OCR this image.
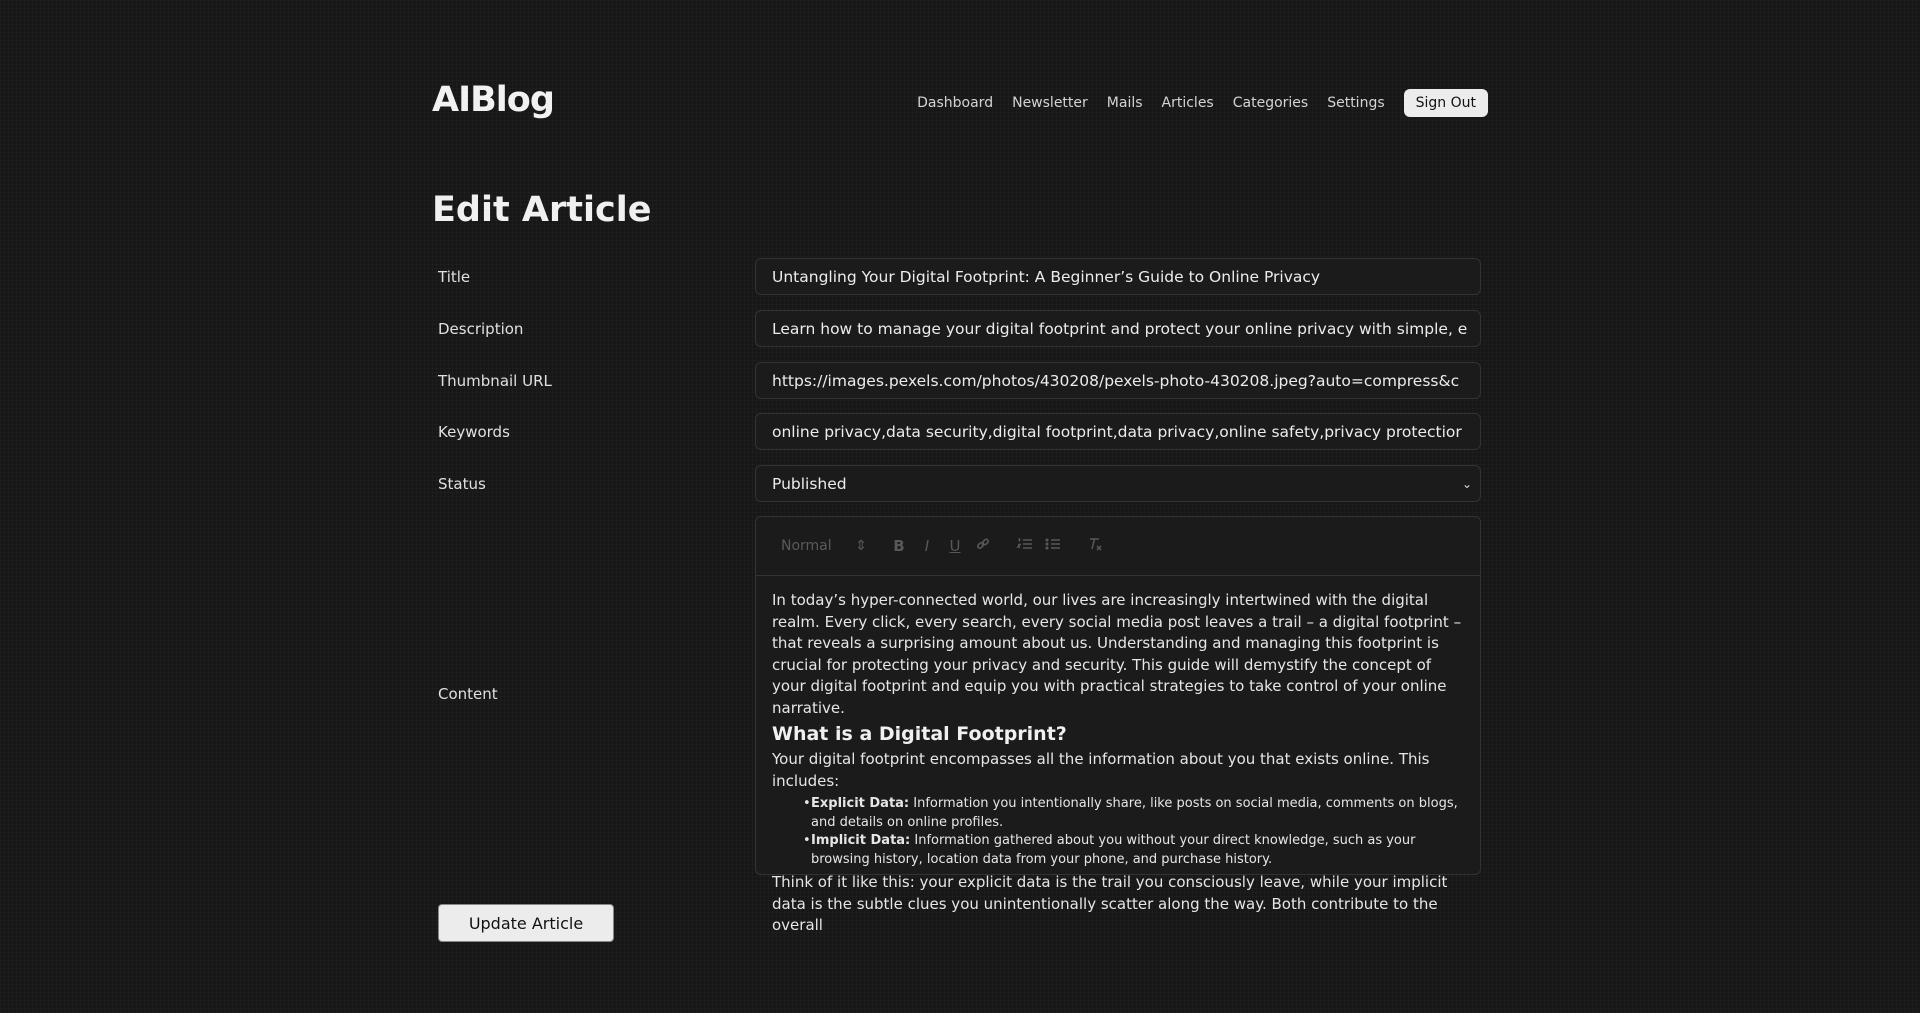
AIBlog	Dashboard Newsletter Mails Articles Categories Settings	Sign Out
Edit Article
Title	Untangling Your Digital Footprint: A Beginner’s Guide to Online Privacy
Description	Learn how to manage your digital footprint and protect your online privacy with simple, e
Thumbnail URL	https://images.pexels.com/photos/430208/pexels-photo-430208.jpeg?auto=compress&c
Keywords	online privacy,data security,digital footprint,data privacy,online safety,privacy protectior
Status	Published	⌄
Content
Normal ⇕	B	I	U

In today’s hyper-connected world, our lives are increasingly intertwined with the digital realm. Every click, every search, every social media post leaves a trail – a digital footprint – that reveals a surprising amount about us. Understanding and managing this footprint is crucial for protecting your privacy and security. This guide will demystify the concept of your digital footprint and equip you with practical strategies to take control of your online narrative.

What is a Digital Footprint?

Your digital footprint encompasses all the information about you that exists online. This includes:

• Explicit Data: Information you intentionally share, like posts on social media, comments on blogs, and details on online profiles.
• Implicit Data: Information gathered about you without your direct knowledge, such as your browsing history, location data from your phone, and purchase history.

Think of it like this: your explicit data is the trail you consciously leave, while your implicit data is the subtle clues you unintentionally scatter along the way. Both contribute to the overall

Update Article
